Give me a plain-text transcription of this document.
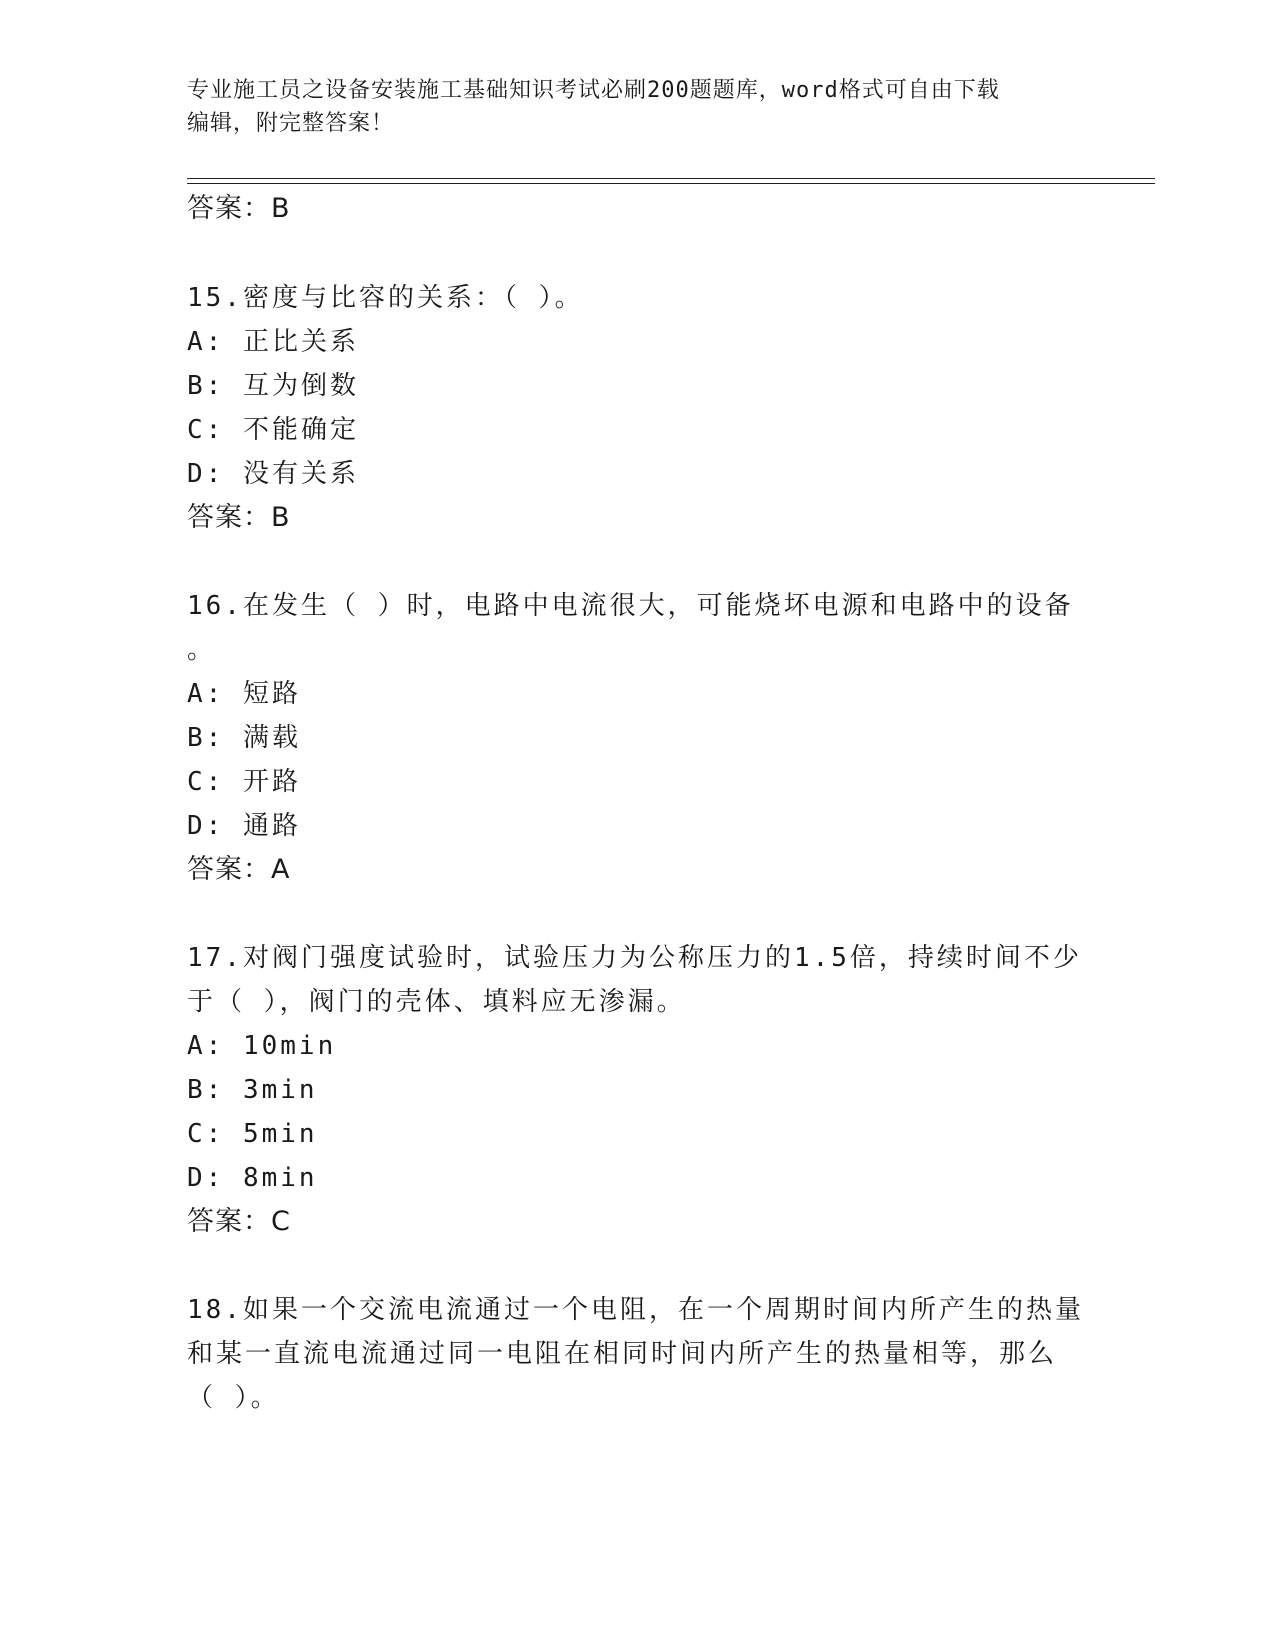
专业施工员之设备安装施工基础知识考试必刷200题题库，word格式可自由下载
编辑，附完整答案！
答案：B
15.密度与比容的关系：（ ）。
A: 正比关系
B: 互为倒数
C: 不能确定
D: 没有关系
答案：B
16.在发生（ ）时，电路中电流很大，可能烧坏电源和电路中的设备
。
A: 短路
B: 满载
C: 开路
D: 通路
答案：A
17.对阀门强度试验时，试验压力为公称压力的1.5倍，持续时间不少
于（ ），阀门的壳体、填料应无渗漏。
A: 10min
B: 3min
C: 5min
D: 8min
答案：C
18.如果一个交流电流通过一个电阻，在一个周期时间内所产生的热量
和某一直流电流通过同一电阻在相同时间内所产生的热量相等，那么
（ ）。
